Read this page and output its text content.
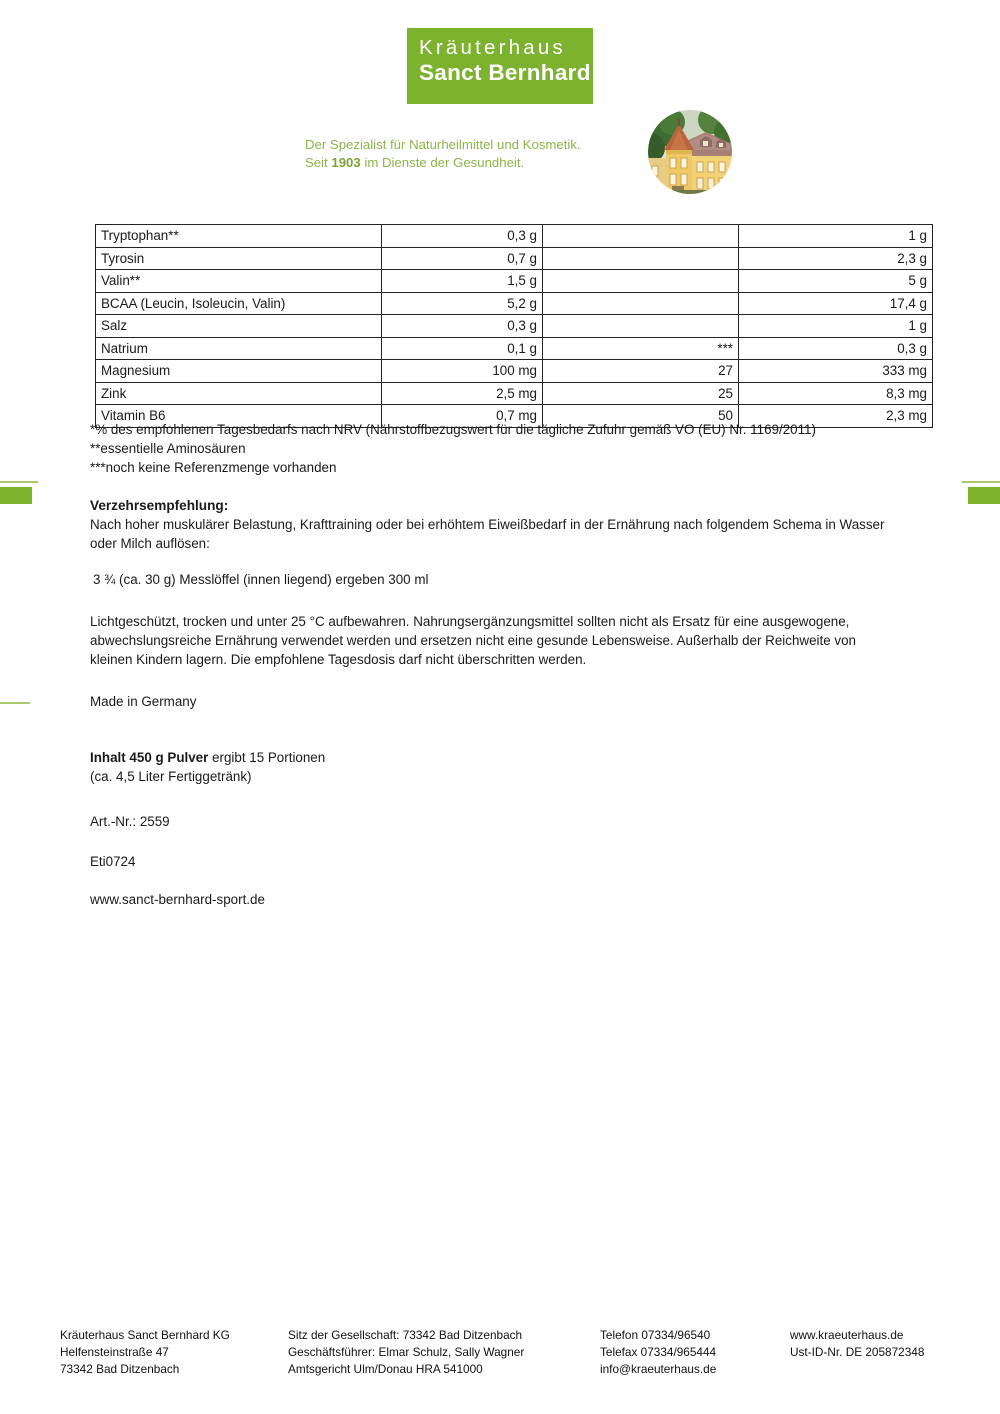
Kräuterhaus
Sanct Bernhard
Der Spezialist für Naturheilmittel und Kosmetik.
Seit 1903 im Dienste der Gesundheit.
Tryptophan**	0,3 g		1 g
Tyrosin	0,7 g		2,3 g
Valin**	1,5 g		5 g
BCAA (Leucin, Isoleucin, Valin)	5,2 g		17,4 g
Salz	0,3 g		1 g
Natrium	0,1 g	***	0,3 g
Magnesium	100 mg	27	333 mg
Zink	2,5 mg	25	8,3 mg
Vitamin B6	0,7 mg	50	2,3 mg
*% des empfohlenen Tagesbedarfs nach NRV (Nährstoffbezugswert für die tägliche Zufuhr gemäß VO (EU) Nr. 1169/2011)
**essentielle Aminosäuren
***noch keine Referenzmenge vorhanden
Verzehrsempfehlung:
Nach hoher muskulärer Belastung, Krafttraining oder bei erhöhtem Eiweißbedarf in der Ernährung nach folgendem Schema in Wasser oder Milch auflösen:
3 ¾ (ca. 30 g) Messlöffel (innen liegend) ergeben 300 ml
Lichtgeschützt, trocken und unter 25 °C aufbewahren. Nahrungsergänzungsmittel sollten nicht als Ersatz für eine ausgewogene, abwechslungsreiche Ernährung verwendet werden und ersetzen nicht eine gesunde Lebensweise. Außerhalb der Reichweite von kleinen Kindern lagern. Die empfohlene Tagesdosis darf nicht überschritten werden.
Made in Germany
Inhalt 450 g Pulver ergibt 15 Portionen
(ca. 4,5 Liter Fertiggetränk)
Art.-Nr.: 2559
Eti0724
www.sanct-bernhard-sport.de
Kräuterhaus Sanct Bernhard KG
Helfensteinstraße 47
73342 Bad Ditzenbach
Sitz der Gesellschaft: 73342 Bad Ditzenbach
Geschäftsführer: Elmar Schulz, Sally Wagner
Amtsgericht Ulm/Donau HRA 541000
Telefon 07334/96540
Telefax 07334/965444
info@kraeuterhaus.de
www.kraeuterhaus.de
Ust-ID-Nr. DE 205872348
